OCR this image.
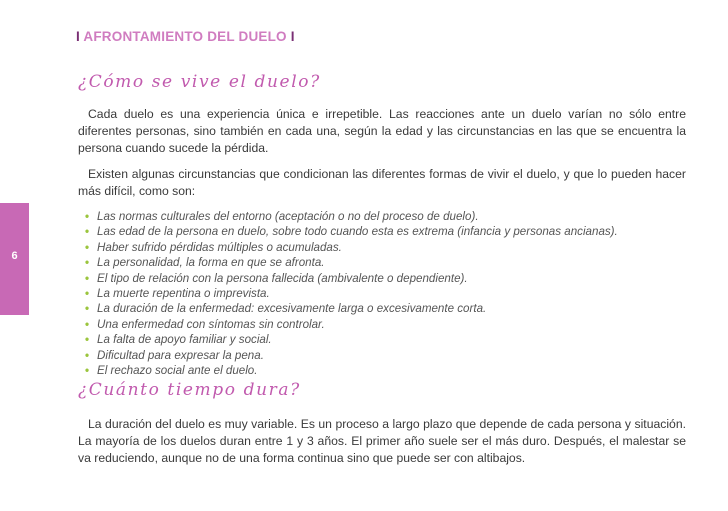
6
I AFRONTAMIENTO DEL DUELO I
¿Cómo se vive el duelo?

Cada duelo es una experiencia única e irrepetible. Las reacciones ante un duelo varían no sólo entre diferentes personas, sino también en cada una, según la edad y las circunstancias en las que se encuentra la persona cuando sucede la pérdida.

Existen algunas circunstancias que condicionan las diferentes formas de vivir el duelo, y que lo pueden hacer más difícil, como son:

• Las normas culturales del entorno (aceptación o no del proceso de duelo).
• Las edad de la persona en duelo, sobre todo cuando esta es extrema (infancia y personas ancianas).
• Haber sufrido pérdidas múltiples o acumuladas.
• La personalidad, la forma en que se afronta.
• El tipo de relación con la persona fallecida (ambivalente o dependiente).
• La muerte repentina o imprevista.
• La duración de la enfermedad: excesivamente larga o excesivamente corta.
• Una enfermedad con síntomas sin controlar.
• La falta de apoyo familiar y social.
• Dificultad para expresar la pena.
• El rechazo social ante el duelo.
¿Cuánto tiempo dura?

La duración del duelo es muy variable. Es un proceso a largo plazo que depende de cada persona y situación. La mayoría de los duelos duran entre 1 y 3 años. El primer año suele ser el más duro. Después, el malestar se va reduciendo, aunque no de una forma continua sino que puede ser con altibajos.
